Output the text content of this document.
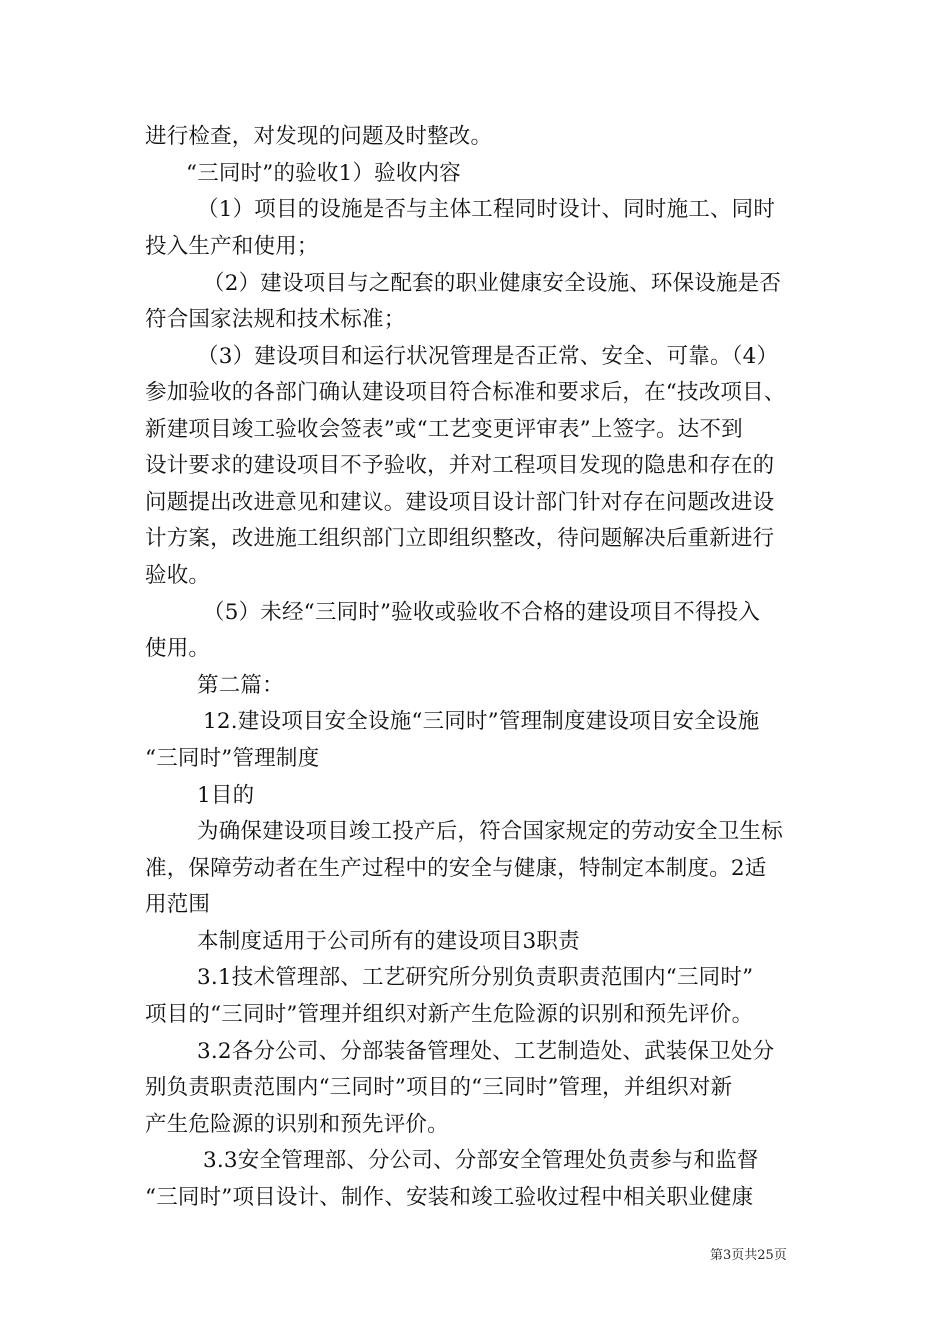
进行检查，对发现的问题及时整改。
“三同时”的验收1）验收内容
（1）项目的设施是否与主体工程同时设计、同时施工、同时
投入生产和使用；
（2）建设项目与之配套的职业健康安全设施、环保设施是否
符合国家法规和技术标准；
（3）建设项目和运行状况管理是否正常、安全、可靠。（4）
参加验收的各部门确认建设项目符合标准和要求后，在“技改项目、
新建项目竣工验收会签表”或“工艺变更评审表”上签字。达不到
设计要求的建设项目不予验收，并对工程项目发现的隐患和存在的
问题提出改进意见和建议。建设项目设计部门针对存在问题改进设
计方案，改进施工组织部门立即组织整改，待问题解决后重新进行
验收。
（5）未经“三同时”验收或验收不合格的建设项目不得投入
使用。
第二篇：
12.建设项目安全设施“三同时”管理制度建设项目安全设施
“三同时”管理制度
1目的
为确保建设项目竣工投产后，符合国家规定的劳动安全卫生标
准，保障劳动者在生产过程中的安全与健康，特制定本制度。2适
用范围
本制度适用于公司所有的建设项目3职责
3.1技术管理部、工艺研究所分别负责职责范围内“三同时”
项目的“三同时”管理并组织对新产生危险源的识别和预先评价。
3.2各分公司、分部装备管理处、工艺制造处、武装保卫处分
别负责职责范围内“三同时”项目的“三同时”管理，并组织对新
产生危险源的识别和预先评价。
3.3安全管理部、分公司、分部安全管理处负责参与和监督
“三同时”项目设计、制作、安装和竣工验收过程中相关职业健康
第3页共25页
